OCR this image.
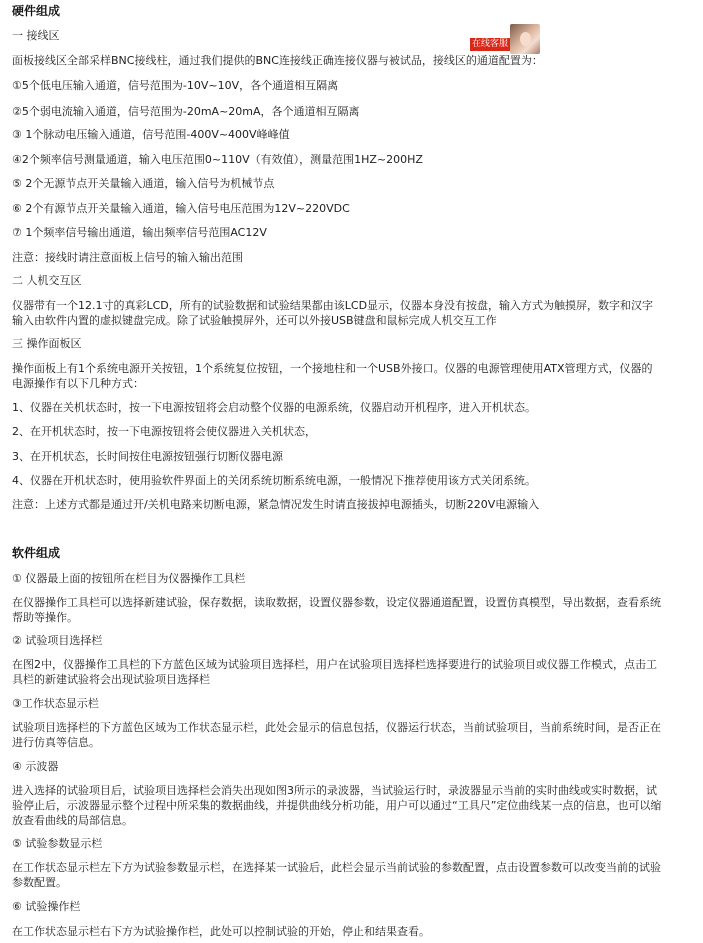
硬件组成

一 接线区

在线客服

面板接线区全部采样BNC接线柱，通过我们提供的BNC连接线正确连接仪器与被试品，接线区的通道配置为：

①5个低电压输入通道，信号范围为-10V~10V，各个通道相互隔离

②5个弱电流输入通道，信号范围为-20mA~20mA，各个通道相互隔离

③ 1个脉动电压输入通道，信号范围-400V~400V峰峰值

④2个频率信号测量通道，输入电压范围0~110V（有效值），测量范围1HZ~200HZ

⑤ 2个无源节点开关量输入通道，输入信号为机械节点

⑥ 2个有源节点开关量输入通道，输入信号电压范围为12V~220VDC

⑦ 1个频率信号输出通道，输出频率信号范围AC12V

注意：接线时请注意面板上信号的输入输出范围

二 人机交互区

仪器带有一个12.1寸的真彩LCD，所有的试验数据和试验结果都由该LCD显示，仪器本身没有按盘，输入方式为触摸屏，数字和汉字输入由软件内置的虚拟键盘完成。除了试验触摸屏外，还可以外接USB键盘和鼠标完成人机交互工作

三 操作面板区

操作面板上有1个系统电源开关按钮，1个系统复位按钮，一个接地柱和一个USB外接口。仪器的电源管理使用ATX管理方式，仪器的电源操作有以下几种方式：

1、仪器在关机状态时，按一下电源按钮将会启动整个仪器的电源系统，仪器启动开机程序，进入开机状态。

2、在开机状态时，按一下电源按钮将会使仪器进入关机状态，

3、在开机状态，长时间按住电源按钮强行切断仪器电源

4、仪器在开机状态时，使用验软件界面上的关闭系统切断系统电源，一般情况下推荐使用该方式关闭系统。

注意：上述方式都是通过开/关机电路来切断电源，紧急情况发生时请直接拔掉电源插头，切断220V电源输入

软件组成

① 仪器最上面的按钮所在栏目为仪器操作工具栏

在仪器操作工具栏可以选择新建试验，保存数据，读取数据，设置仪器参数，设定仪器通道配置，设置仿真模型，导出数据，查看系统帮助等操作。

② 试验项目选择栏

在图2中，仪器操作工具栏的下方蓝色区域为试验项目选择栏，用户在试验项目选择栏选择要进行的试验项目或仪器工作模式，点击工具栏的新建试验将会出现试验项目选择栏

③工作状态显示栏

试验项目选择栏的下方蓝色区域为工作状态显示栏，此处会显示的信息包括，仪器运行状态，当前试验项目，当前系统时间，是否正在进行仿真等信息。

④ 示波器

进入选择的试验项目后，试验项目选择栏会消失出现如图3所示的录波器，当试验运行时，录波器显示当前的实时曲线或实时数据，试验停止后，示波器显示整个过程中所采集的数据曲线，并提供曲线分析功能，用户可以通过“工具尺”定位曲线某一点的信息，也可以缩放查看曲线的局部信息。

⑤ 试验参数显示栏

在工作状态显示栏左下方为试验参数显示栏，在选择某一试验后，此栏会显示当前试验的参数配置，点击设置参数可以改变当前的试验参数配置。

⑥ 试验操作栏

在工作状态显示栏右下方为试验操作栏，此处可以控制试验的开始，停止和结果查看。
